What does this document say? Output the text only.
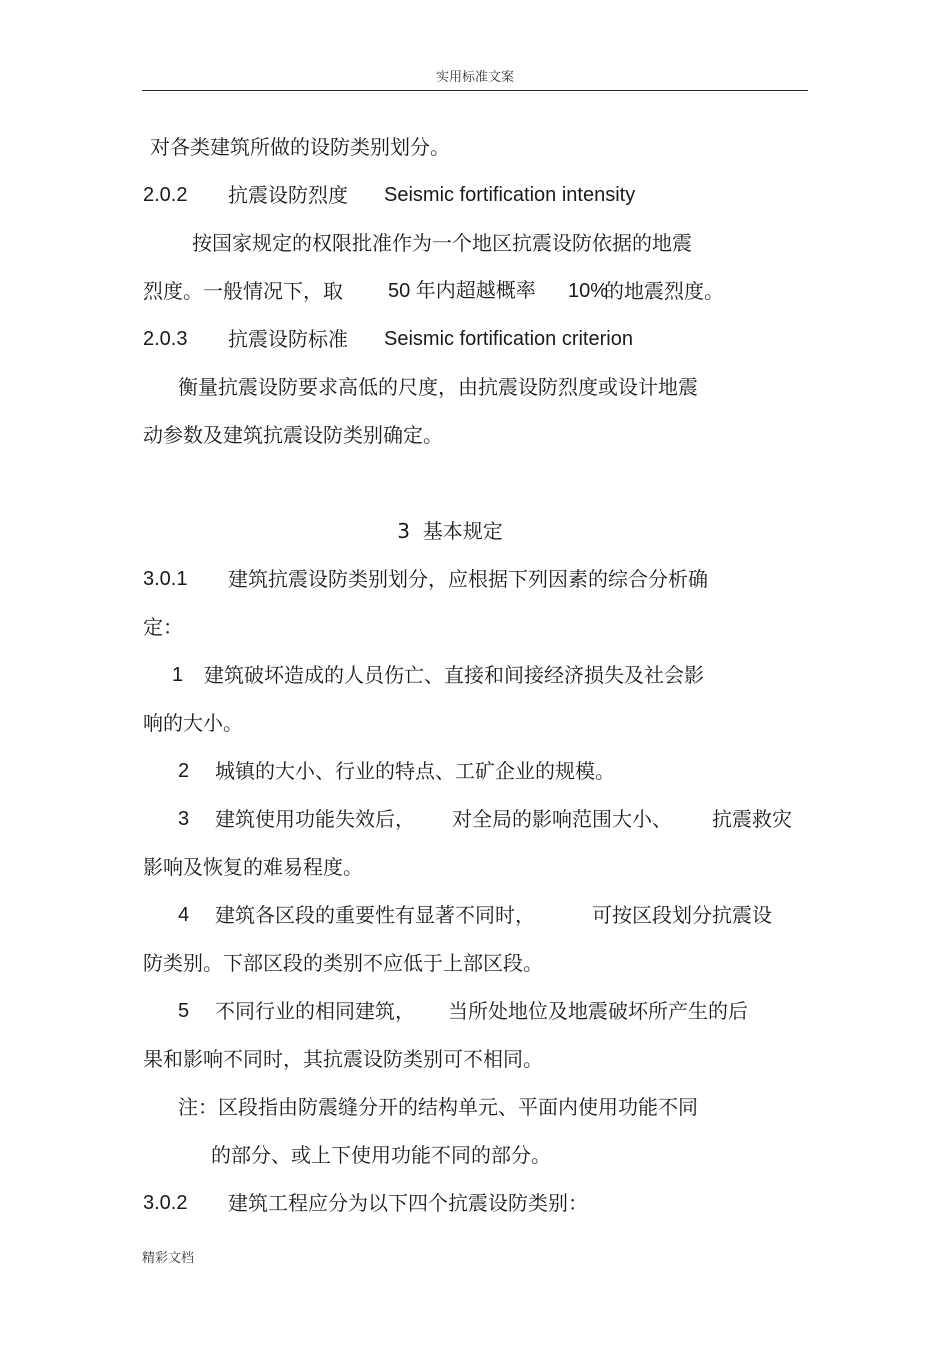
实用标准文案
对各类建筑所做的设防类别划分。
2.0.2 抗震设防烈度 Seismic fortification intensity
按国家规定的权限批准作为一个地区抗震设防依据的地震
烈度。一般情况下，取 50 年内超越概率 10%
的地震烈度。
2.0.3 抗震设防标准 Seismic fortification criterion
衡量抗震设防要求高低的尺度，由抗震设防烈度或设计地震
动参数及建筑抗震设防类别确定。
3  基本规定
3.0.1 建筑抗震设防类别划分，应根据下列因素的综合分析确
定：
1 建筑破坏造成的人员伤亡、直接和间接经济损失及社会影
响的大小。
2 城镇的大小、行业的特点、工矿企业的规模。
3 建筑使用功能失效后， 对全局的影响范围大小、 抗震救灾
影响及恢复的难易程度。
4 建筑各区段的重要性有显著不同时，	可按区段划分抗震设
防类别。下部区段的类别不应低于上部区段。
5 不同行业的相同建筑， 当所处地位及地震破坏所产生的后
果和影响不同时，其抗震设防类别可不相同。
注：区段指由防震缝分开的结构单元、平面内使用功能不同
的部分、或上下使用功能不同的部分。
3.0.2 建筑工程应分为以下四个抗震设防类别：
精彩文档
